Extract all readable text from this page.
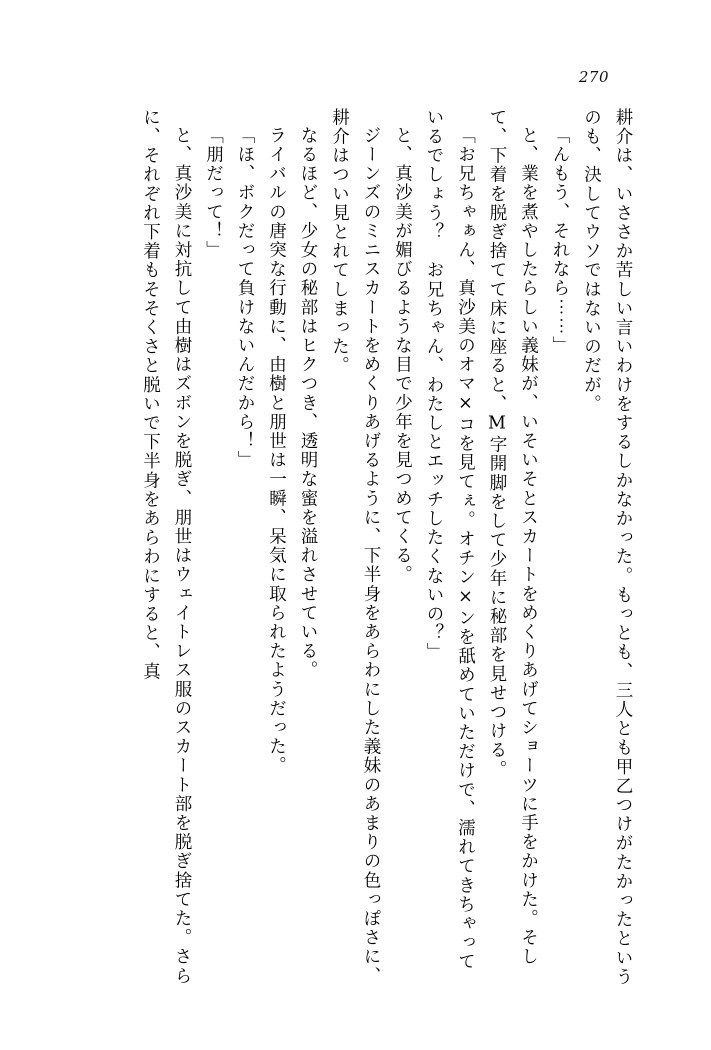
270

耕介は、いささか苦しい言いわけをするしかなかった。もっとも、三人とも甲乙つけがたかったというのも、決してウソではないのだが。

「んもう、それなら⋯⋯」

と、業を煮やしたらしい義妹が、いそいそとスカートをめくりあげてショーツに手をかけた。そして、下着を脱ぎ捨てて床に座ると、M字開脚をして少年に秘部を見せつける。

「お兄ちゃぁん、真沙美のオマ×コを見てぇ。オチン×ンを舐めていただけで、濡れてきちゃっているでしょう？　お兄ちゃん、わたしとエッチしたくないの？」

と、真沙美が媚びるような目で少年を見つめてくる。

ジーンズのミニスカートをめくりあげるように、下半身をあらわにした義妹のあまりの色っぽさに、耕介はつい見とれてしまった。

なるほど、少女の秘部はヒクつき、透明な蜜を溢れさせている。

ライバルの唐突な行動に、由樹と朋世は一瞬、呆気に取られたようだった。

「ほ、ボクだって負けないんだから！」

「朋だって！」

と、真沙美に対抗して由樹はズボンを脱ぎ、朋世はウェイトレス服のスカート部を脱ぎ捨てた。さらに、それぞれ下着もそそくさと脱いで下半身をあらわにすると、真
